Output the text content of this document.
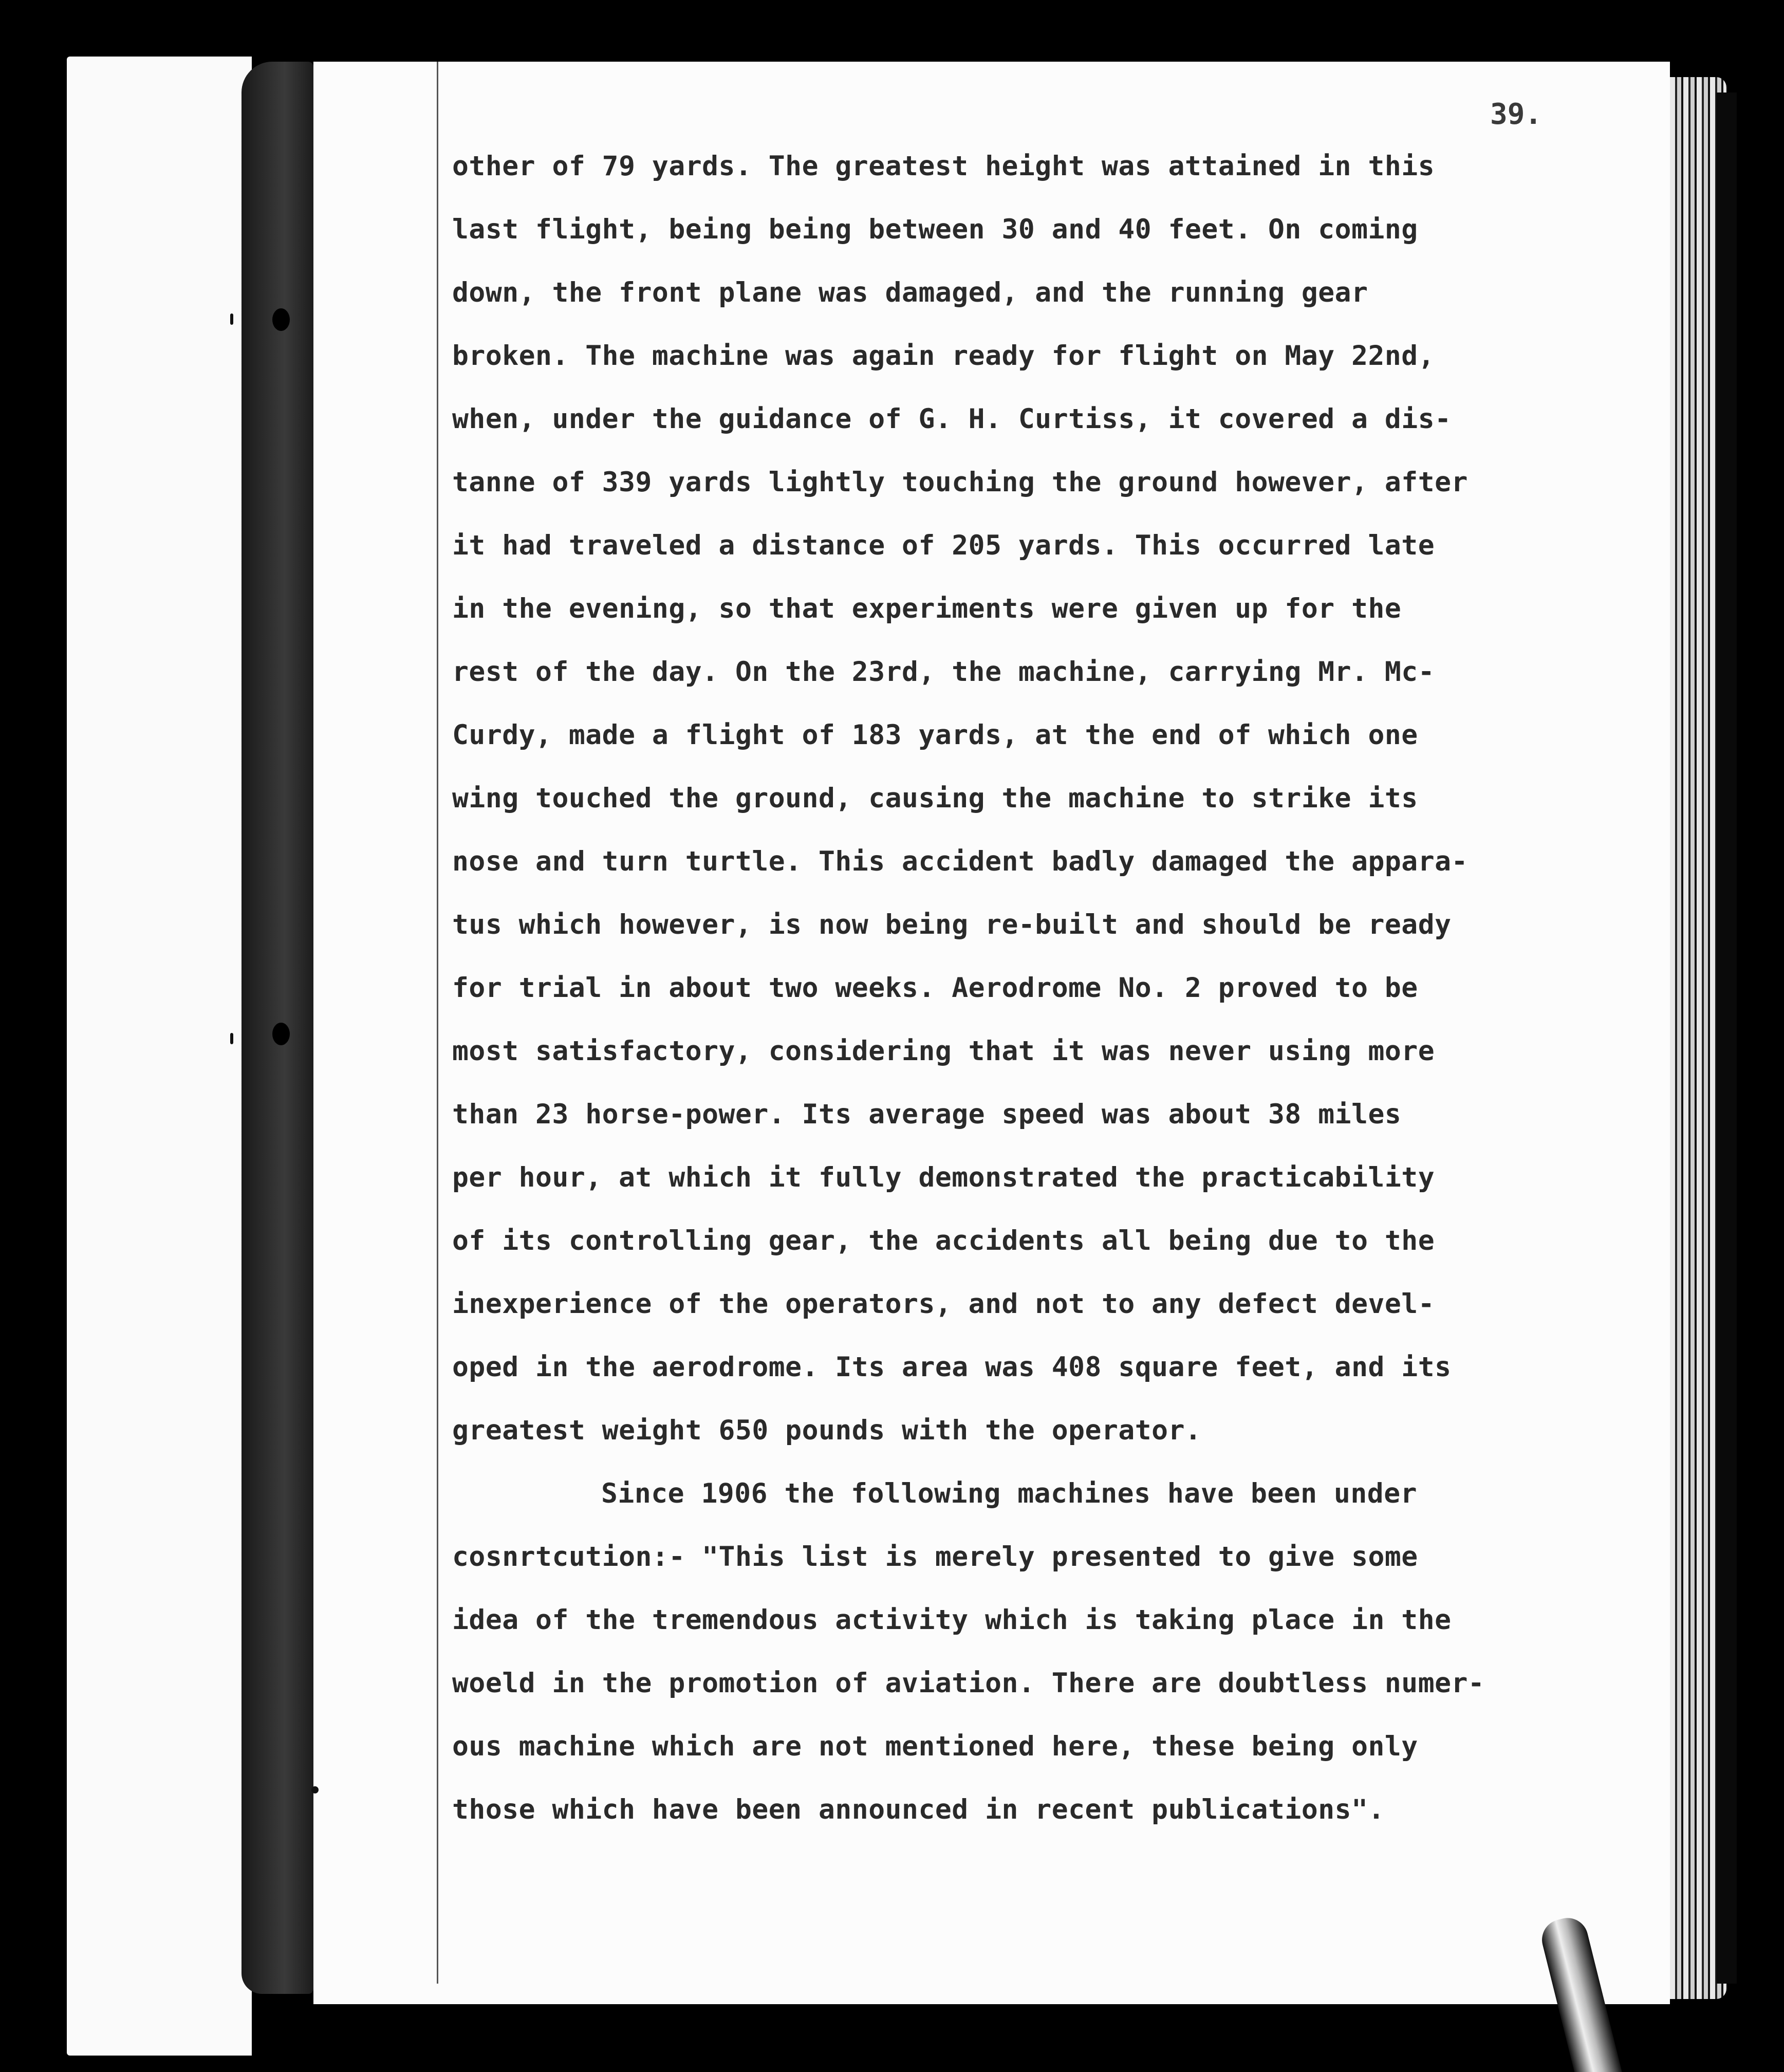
39.
other of 79 yards. The greatest height was attained in this
last flight, being being between 30 and 40 feet. On coming
down, the front plane was damaged, and the running gear
broken. The machine was again ready for flight on May 22nd,
when, under the guidance of G. H. Curtiss, it covered a dis-
tanne of 339 yards lightly touching the ground however, after
it had traveled a distance of 205 yards. This occurred late
in the evening, so that experiments were given up for the
rest of the day. On the 23rd, the machine, carrying Mr. Mc-
Curdy, made a flight of 183 yards, at the end of which one
wing touched the ground, causing the machine to strike its
nose and turn turtle. This accident badly damaged the appara-
tus which however, is now being re-built and should be ready
for trial in about two weeks. Aerodrome No. 2 proved to be
most satisfactory, considering that it was never using more
than 23 horse-power. Its average speed was about 38 miles
per hour, at which it fully demonstrated the practicability
of its controlling gear, the accidents all being due to the
inexperience of the operators, and not to any defect devel-
oped in the aerodrome. Its area was 408 square feet, and its
greatest weight 650 pounds with the operator.
Since 1906 the following machines have been under
cosnrtcution:- "This list is merely presented to give some
idea of the tremendous activity which is taking place in the
woeld in the promotion of aviation. There are doubtless numer-
ous machine which are not mentioned here, these being only
those which have been announced in recent publications".
